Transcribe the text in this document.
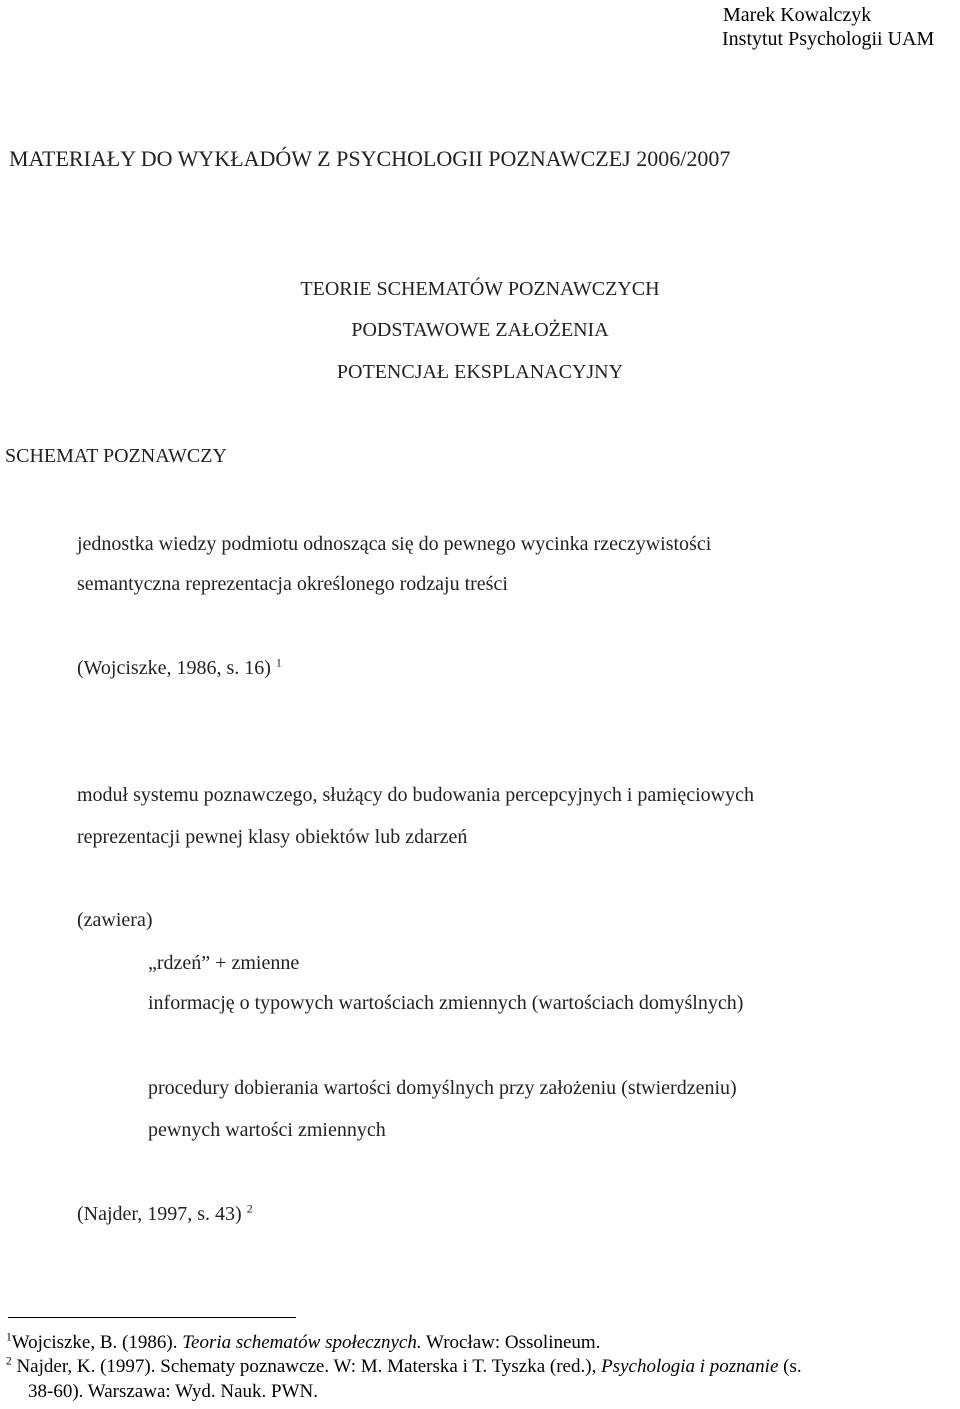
Marek Kowalczyk
Instytut Psychologii UAM
MATERIAŁY DO WYKŁADÓW Z PSYCHOLOGII POZNAWCZEJ 2006/2007
TEORIE SCHEMATÓW POZNAWCZYCH
PODSTAWOWE ZAŁOŻENIA
POTENCJAŁ EKSPLANACYJNY
SCHEMAT POZNAWCZY
jednostka wiedzy podmiotu odnosząca się do pewnego wycinka rzeczywistości
semantyczna reprezentacja określonego rodzaju treści
(Wojciszke, 1986, s. 16) $^1$
moduł systemu poznawczego, służący do budowania percepcyjnych i pamięciowych
reprezentacji pewnej klasy obiektów lub zdarzeń
(zawiera)
„rdzeń” + zmienne
informację o typowych wartościach zmiennych (wartościach domyślnych)
procedury dobierania wartości domyślnych przy założeniu (stwierdzeniu)
pewnych wartości zmiennych
(Najder, 1997, s. 43) $^2$
$^1$Wojciszke, B. (1986). Teoria schematów społecznych. Wrocław: Ossolineum.
$^2$ Najder, K. (1997). Schematy poznawcze. W: M. Materska i T. Tyszka (red.), Psychologia i poznanie (s.
38-60). Warszawa: Wyd. Nauk. PWN.
